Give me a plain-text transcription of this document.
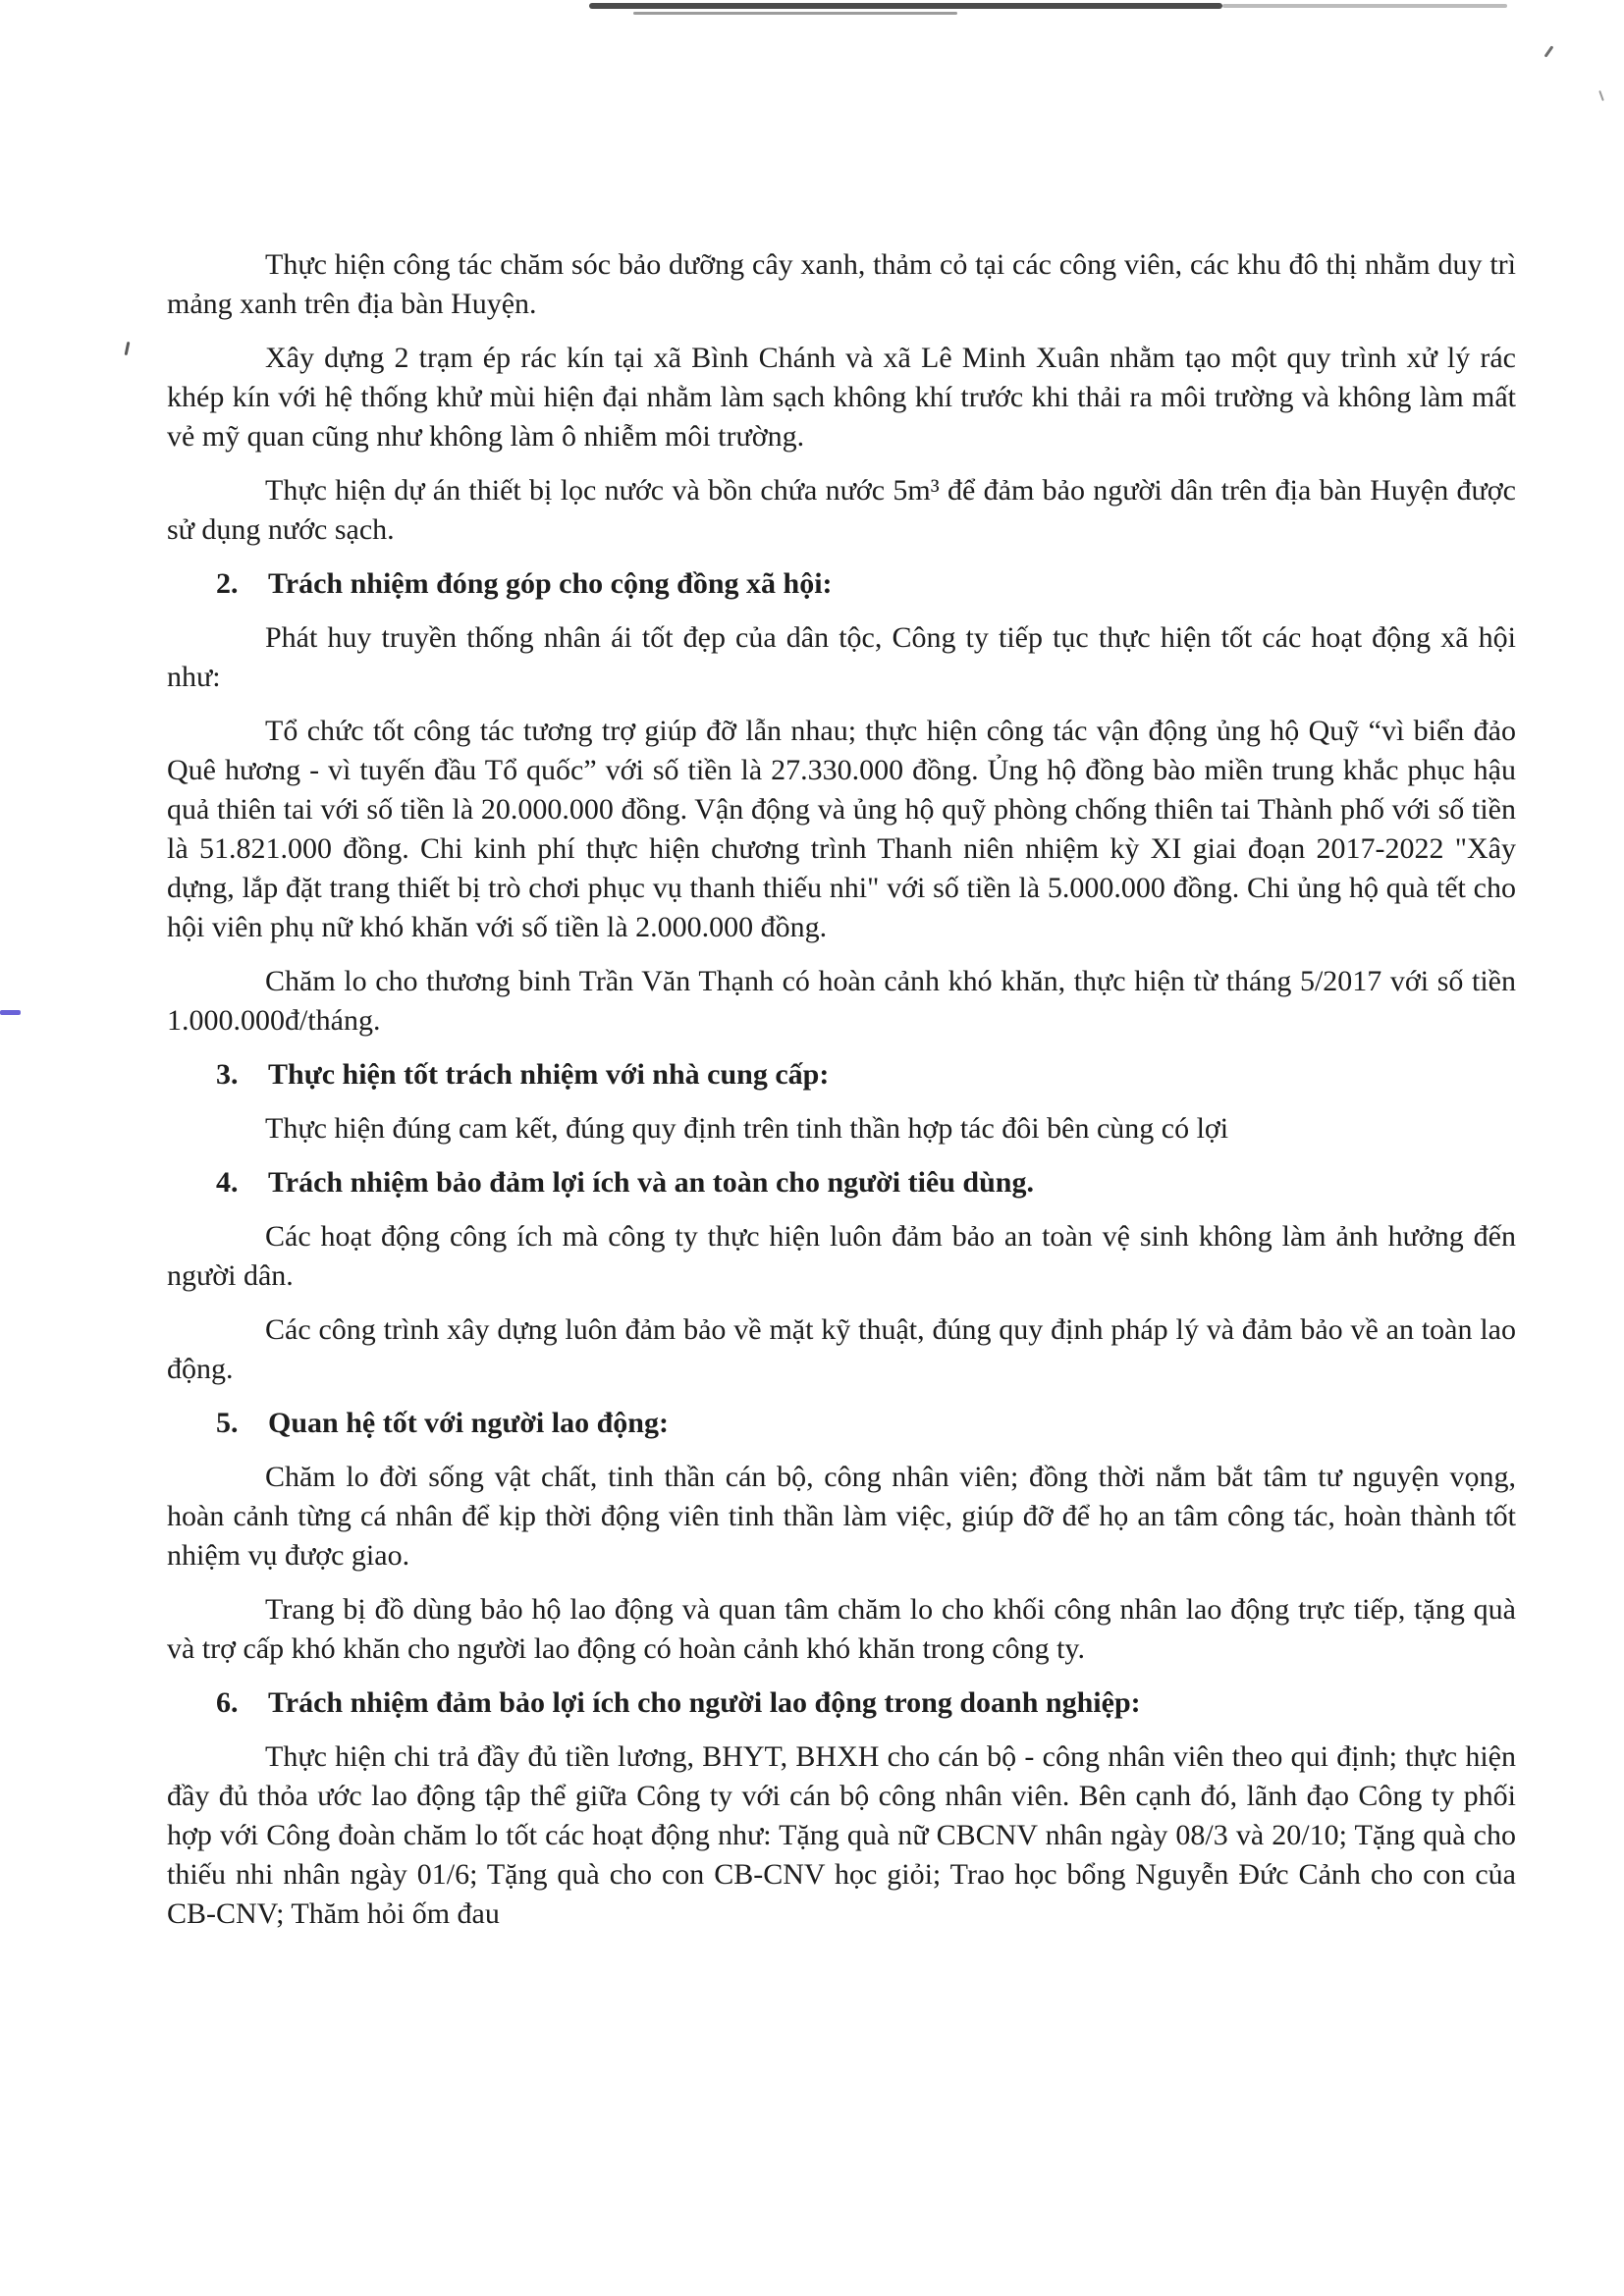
Thực hiện công tác chăm sóc bảo dưỡng cây xanh, thảm cỏ tại các công viên, các khu đô thị nhằm duy trì mảng xanh trên địa bàn Huyện.

Xây dựng 2 trạm ép rác kín tại xã Bình Chánh và xã Lê Minh Xuân nhằm tạo một quy trình xử lý rác khép kín với hệ thống khử mùi hiện đại nhằm làm sạch không khí trước khi thải ra môi trường và không làm mất vẻ mỹ quan cũng như không làm ô nhiễm môi trường.

Thực hiện dự án thiết bị lọc nước và bồn chứa nước 5m³ để đảm bảo người dân trên địa bàn Huyện được sử dụng nước sạch.

2. Trách nhiệm đóng góp cho cộng đồng xã hội:

Phát huy truyền thống nhân ái tốt đẹp của dân tộc, Công ty tiếp tục thực hiện tốt các hoạt động xã hội như:

Tổ chức tốt công tác tương trợ giúp đỡ lẫn nhau; thực hiện công tác vận động ủng hộ Quỹ “vì biển đảo Quê hương - vì tuyến đầu Tổ quốc” với số tiền là 27.330.000 đồng. Ủng hộ đồng bào miền trung khắc phục hậu quả thiên tai với số tiền là 20.000.000 đồng. Vận động và ủng hộ quỹ phòng chống thiên tai Thành phố với số tiền là 51.821.000 đồng. Chi kinh phí thực hiện chương trình Thanh niên nhiệm kỳ XI giai đoạn 2017-2022 "Xây dựng, lắp đặt trang thiết bị trò chơi phục vụ thanh thiếu nhi" với số tiền là 5.000.000 đồng. Chi ủng hộ quà tết cho hội viên phụ nữ khó khăn với số tiền là 2.000.000 đồng.

Chăm lo cho thương binh Trần Văn Thạnh có hoàn cảnh khó khăn, thực hiện từ tháng 5/2017 với số tiền 1.000.000đ/tháng.

3. Thực hiện tốt trách nhiệm với nhà cung cấp:

Thực hiện đúng cam kết, đúng quy định trên tinh thần hợp tác đôi bên cùng có lợi

4. Trách nhiệm bảo đảm lợi ích và an toàn cho người tiêu dùng.

Các hoạt động công ích mà công ty thực hiện luôn đảm bảo an toàn vệ sinh không làm ảnh hưởng đến người dân.

Các công trình xây dựng luôn đảm bảo về mặt kỹ thuật, đúng quy định pháp lý và đảm bảo về an toàn lao động.

5. Quan hệ tốt với người lao động:

Chăm lo đời sống vật chất, tinh thần cán bộ, công nhân viên; đồng thời nắm bắt tâm tư nguyện vọng, hoàn cảnh từng cá nhân để kịp thời động viên tinh thần làm việc, giúp đỡ để họ an tâm công tác, hoàn thành tốt nhiệm vụ được giao.

Trang bị đồ dùng bảo hộ lao động và quan tâm chăm lo cho khối công nhân lao động trực tiếp, tặng quà và trợ cấp khó khăn cho người lao động có hoàn cảnh khó khăn trong công ty.

6. Trách nhiệm đảm bảo lợi ích cho người lao động trong doanh nghiệp:

Thực hiện chi trả đầy đủ tiền lương, BHYT, BHXH cho cán bộ - công nhân viên theo qui định; thực hiện đầy đủ thỏa ước lao động tập thể giữa Công ty với cán bộ công nhân viên. Bên cạnh đó, lãnh đạo Công ty phối hợp với Công đoàn chăm lo tốt các hoạt động như: Tặng quà nữ CBCNV nhân ngày 08/3 và 20/10; Tặng quà cho thiếu nhi nhân ngày 01/6; Tặng quà cho con CB-CNV học giỏi; Trao học bổng Nguyễn Đức Cảnh cho con của CB-CNV; Thăm hỏi ốm đau
